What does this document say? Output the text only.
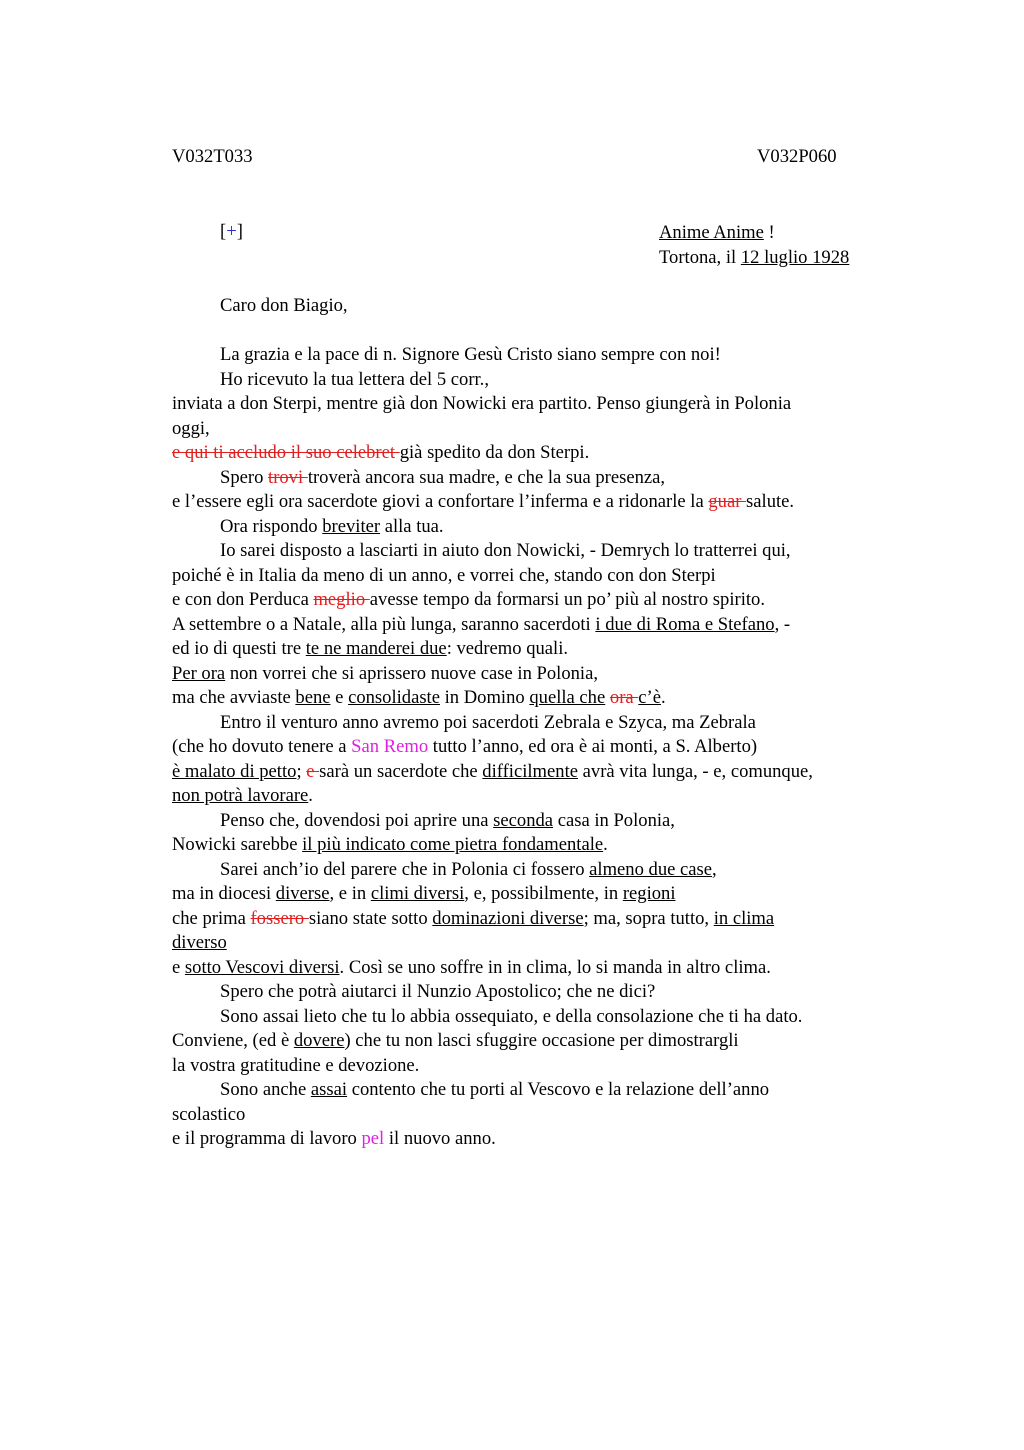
V032T033	V032P060
[+]	Anime Anime !
Tortona, il 12 luglio 1928
Caro don Biagio,
La grazia e la pace di n. Signore Gesù Cristo siano sempre con noi!
Ho ricevuto la tua lettera del 5 corr.,
inviata a don Sterpi, mentre già don Nowicki era partito. Penso giungerà in Polonia
oggi,
e qui ti accludo il suo celebret già spedito da don Sterpi.
Spero trovi troverà ancora sua madre, e che la sua presenza,
e l’essere egli ora sacerdote giovi a confortare l’inferma e a ridonarle la guar salute.
Ora rispondo breviter alla tua.
Io sarei disposto a lasciarti in aiuto don Nowicki, - Demrych lo tratterrei qui,
poiché è in Italia da meno di un anno, e vorrei che, stando con don Sterpi
e con don Perduca meglio avesse tempo da formarsi un po’ più al nostro spirito.
A settembre o a Natale, alla più lunga, saranno sacerdoti i due di Roma e Stefano, -
ed io di questi tre te ne manderei due: vedremo quali.
Per ora non vorrei che si aprissero nuove case in Polonia,
ma che avviaste bene e consolidaste in Domino quella che ora c’è.
Entro il venturo anno avremo poi sacerdoti Zebrala e Szyca, ma Zebrala
(che ho dovuto tenere a San Remo tutto l’anno, ed ora è ai monti, a S. Alberto)
è malato di petto; e sarà un sacerdote che difficilmente avrà vita lunga, - e, comunque,
non potrà lavorare.
Penso che, dovendosi poi aprire una seconda casa in Polonia,
Nowicki sarebbe il più indicato come pietra fondamentale.
Sarei anch’io del parere che in Polonia ci fossero almeno due case,
ma in diocesi diverse, e in climi diversi, e, possibilmente, in regioni
che prima fossero siano state sotto dominazioni diverse; ma, sopra tutto, in clima
diverso
e sotto Vescovi diversi. Così se uno soffre in in clima, lo si manda in altro clima.
Spero che potrà aiutarci il Nunzio Apostolico; che ne dici?
Sono assai lieto che tu lo abbia ossequiato, e della consolazione che ti ha dato.
Conviene, (ed è dovere) che tu non lasci sfuggire occasione per dimostrargli
la vostra gratitudine e devozione.
Sono anche assai contento che tu porti al Vescovo e la relazione dell’anno
scolastico
e il programma di lavoro pel il nuovo anno.
